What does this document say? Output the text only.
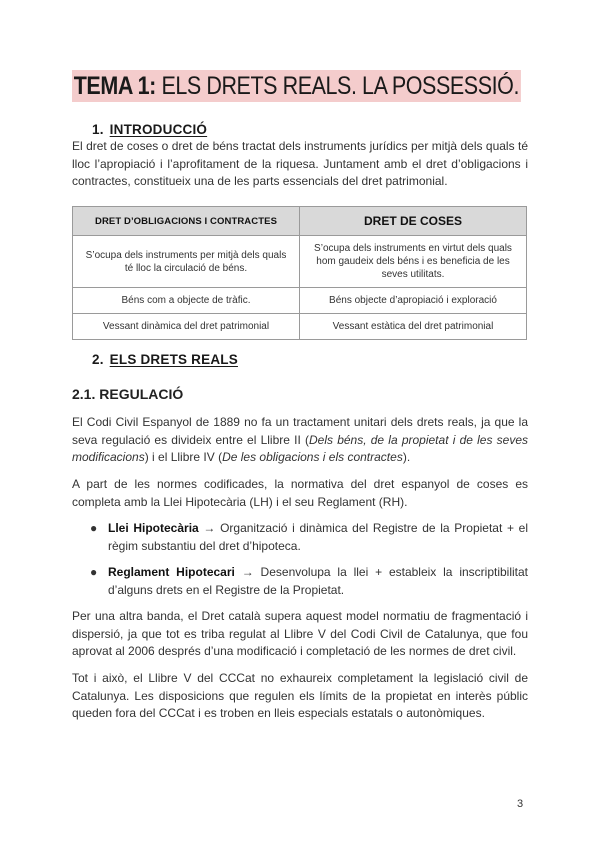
TEMA 1: ELS DRETS REALS. LA POSSESSIÓ.
1. INTRODUCCIÓ

El dret de coses o dret de béns tractat dels instruments jurídics per mitjà dels quals té lloc l’apropiació i l’aprofitament de la riquesa. Juntament amb el dret d’obligacions i contractes, constitueix una de les parts essencials del dret patrimonial.

DRET D’OBLIGACIONS I CONTRACTES	DRET DE COSES
S’ocupa dels instruments per mitjà dels quals té lloc la circulació de béns.	S’ocupa dels instruments en virtut dels quals hom gaudeix dels béns i es beneficia de les seves utilitats.
Béns com a objecte de tràfic.	Béns objecte d’apropiació i exploració
Vessant dinàmica del dret patrimonial	Vessant estàtica del dret patrimonial
2. ELS DRETS REALS
2.1. REGULACIÓ

El Codi Civil Espanyol de 1889 no fa un tractament unitari dels drets reals, ja que la seva regulació es divideix entre el Llibre II (Dels béns, de la propietat i de les seves modificacions) i el Llibre IV (De les obligacions i els contractes).

A part de les normes codificades, la normativa del dret espanyol de coses es completa amb la Llei Hipotecària (LH) i el seu Reglament (RH).

● Llei Hipotecària → Organització i dinàmica del Registre de la Propietat + el règim substantiu del dret d’hipoteca.
● Reglament Hipotecari → Desenvolupa la llei + estableix la inscriptibilitat d’alguns drets en el Registre de la Propietat.

Per una altra banda, el Dret català supera aquest model normatiu de fragmentació i dispersió, ja que tot es triba regulat al Llibre V del Codi Civil de Catalunya, que fou aprovat al 2006 després d’una modificació i completació de les normes de dret civil.

Tot i això, el Llibre V del CCCat no exhaureix completament la legislació civil de Catalunya. Les disposicions que regulen els límits de la propietat en interès públic queden fora del CCCat i es troben en lleis especials estatals o autonòmiques.

3
